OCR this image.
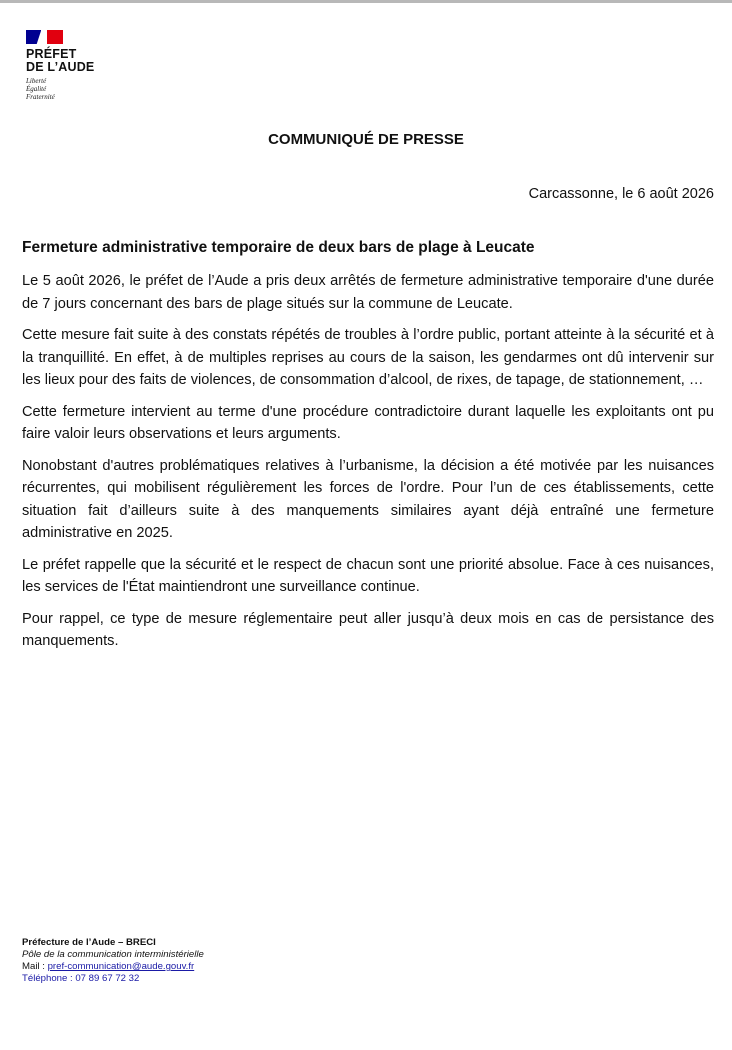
PRÉFET
DE L’AUDE
Liberté
Égalité
Fraternité
COMMUNIQUÉ DE PRESSE
Carcassonne, le 6 août 2026
Fermeture administrative temporaire de deux bars de plage à Leucate

Le 5 août 2026, le préfet de l’Aude a pris deux arrêtés de fermeture administrative temporaire d'une durée de 7 jours concernant des bars de plage situés sur la commune de Leucate.

Cette mesure fait suite à des constats répétés de troubles à l’ordre public, portant atteinte à la sécurité et à la tranquillité. En effet, à de multiples reprises au cours de la saison, les gendarmes ont dû intervenir sur les lieux pour des faits de violences, de consommation d’alcool, de rixes, de tapage, de stationnement, …

Cette fermeture intervient au terme d'une procédure contradictoire durant laquelle les exploitants ont pu faire valoir leurs observations et leurs arguments.

Nonobstant d'autres problématiques relatives à l’urbanisme, la décision a été motivée par les nuisances récurrentes, qui mobilisent régulièrement les forces de l'ordre. Pour l’un de ces établissements, cette situation fait d’ailleurs suite à des manquements similaires ayant déjà entraîné une fermeture administrative en 2025.

Le préfet rappelle que la sécurité et le respect de chacun sont une priorité absolue. Face à ces nuisances, les services de l'État maintiendront une surveillance continue.

Pour rappel, ce type de mesure réglementaire peut aller jusqu’à deux mois en cas de persistance des manquements.

Préfecture de l’Aude – BRECI
Pôle de la communication interministérielle
Mail : pref-communication@aude.gouv.fr
Téléphone : 07 89 67 72 32
